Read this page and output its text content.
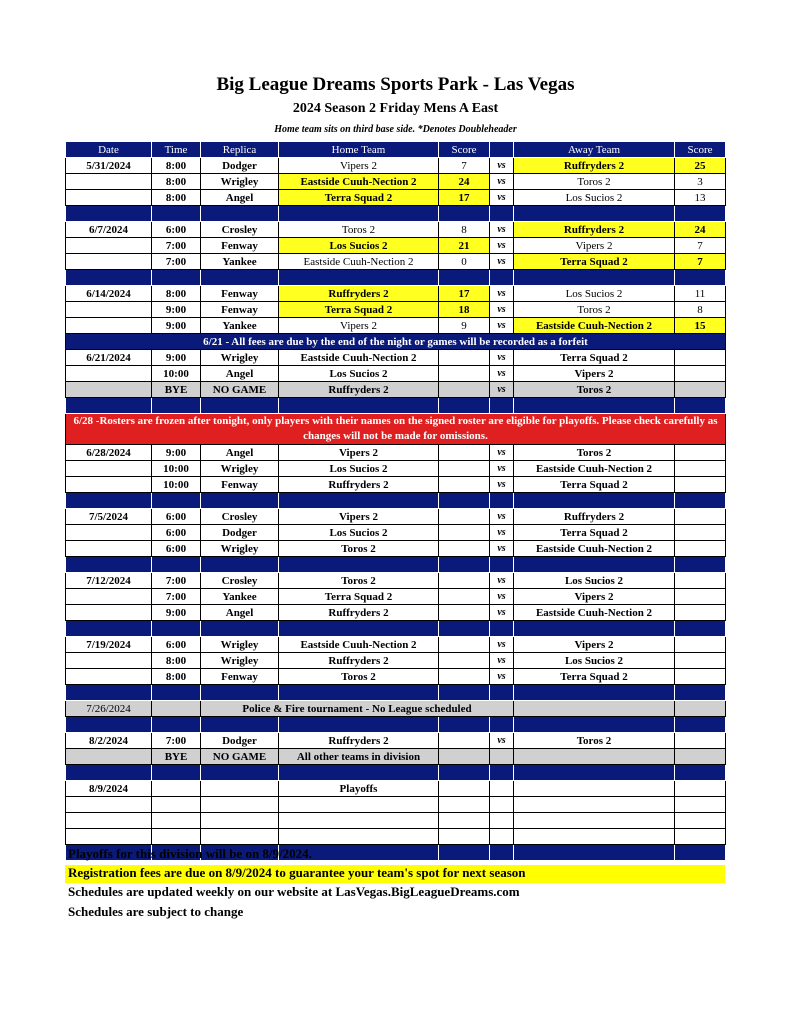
Big League Dreams Sports Park - Las Vegas
2024 Season 2 Friday Mens A East
Home team sits on third base side. *Denotes Doubleheader
Date	Time	Replica	Home Team	Score		Away Team	Score
5/31/2024	8:00	Dodger	Vipers 2	7	vs	Ruffryders 2	25
	8:00	Wrigley	Eastside Cuuh-Nection 2	24	vs	Toros 2	3
	8:00	Angel	Terra Squad 2	17	vs	Los Sucios 2	13

6/7/2024	6:00	Crosley	Toros 2	8	vs	Ruffryders 2	24
	7:00	Fenway	Los Sucios 2	21	vs	Vipers 2	7
	7:00	Yankee	Eastside Cuuh-Nection 2	0	vs	Terra Squad 2	7

6/14/2024	8:00	Fenway	Ruffryders 2	17	vs	Los Sucios 2	11
	9:00	Fenway	Terra Squad 2	18	vs	Toros 2	8
	9:00	Yankee	Vipers 2	9	vs	Eastside Cuuh-Nection 2	15
6/21 - All fees are due by the end of the night or games will be recorded as a forfeit							
6/21/2024	9:00	Wrigley	Eastside Cuuh-Nection 2		vs	Terra Squad 2	
	10:00	Angel	Los Sucios 2		vs	Vipers 2	
	BYE	NO GAME	Ruffryders 2		vs	Toros 2	

6/28 -Rosters are frozen after tonight, only players with their names on the signed roster are eligible for playoffs. Please check carefully as changes will not be made for omissions.							
6/28/2024	9:00	Angel	Vipers 2		vs	Toros 2	
	10:00	Wrigley	Los Sucios 2		vs	Eastside Cuuh-Nection 2	
	10:00	Fenway	Ruffryders 2		vs	Terra Squad 2	

7/5/2024	6:00	Crosley	Vipers 2		vs	Ruffryders 2	
	6:00	Dodger	Los Sucios 2		vs	Terra Squad 2	
	6:00	Wrigley	Toros 2		vs	Eastside Cuuh-Nection 2	

7/12/2024	7:00	Crosley	Toros 2		vs	Los Sucios 2	
	7:00	Yankee	Terra Squad 2		vs	Vipers 2	
	9:00	Angel	Ruffryders 2		vs	Eastside Cuuh-Nection 2	

7/19/2024	6:00	Wrigley	Eastside Cuuh-Nection 2		vs	Vipers 2	
	8:00	Wrigley	Ruffryders 2		vs	Los Sucios 2	
	8:00	Fenway	Toros 2		vs	Terra Squad 2	

7/26/2024		Police & Fire tournament - No League scheduled					

8/2/2024	7:00	Dodger	Ruffryders 2		vs	Toros 2	
	BYE	NO GAME	All other teams in division				

8/9/2024			Playoffs				

Playoffs for this division will be on 8/9/2024.
Registration fees are due on 8/9/2024 to guarantee your team's spot for next season
Schedules are updated weekly on our website at LasVegas.BigLeagueDreams.com
Schedules are subject to change
